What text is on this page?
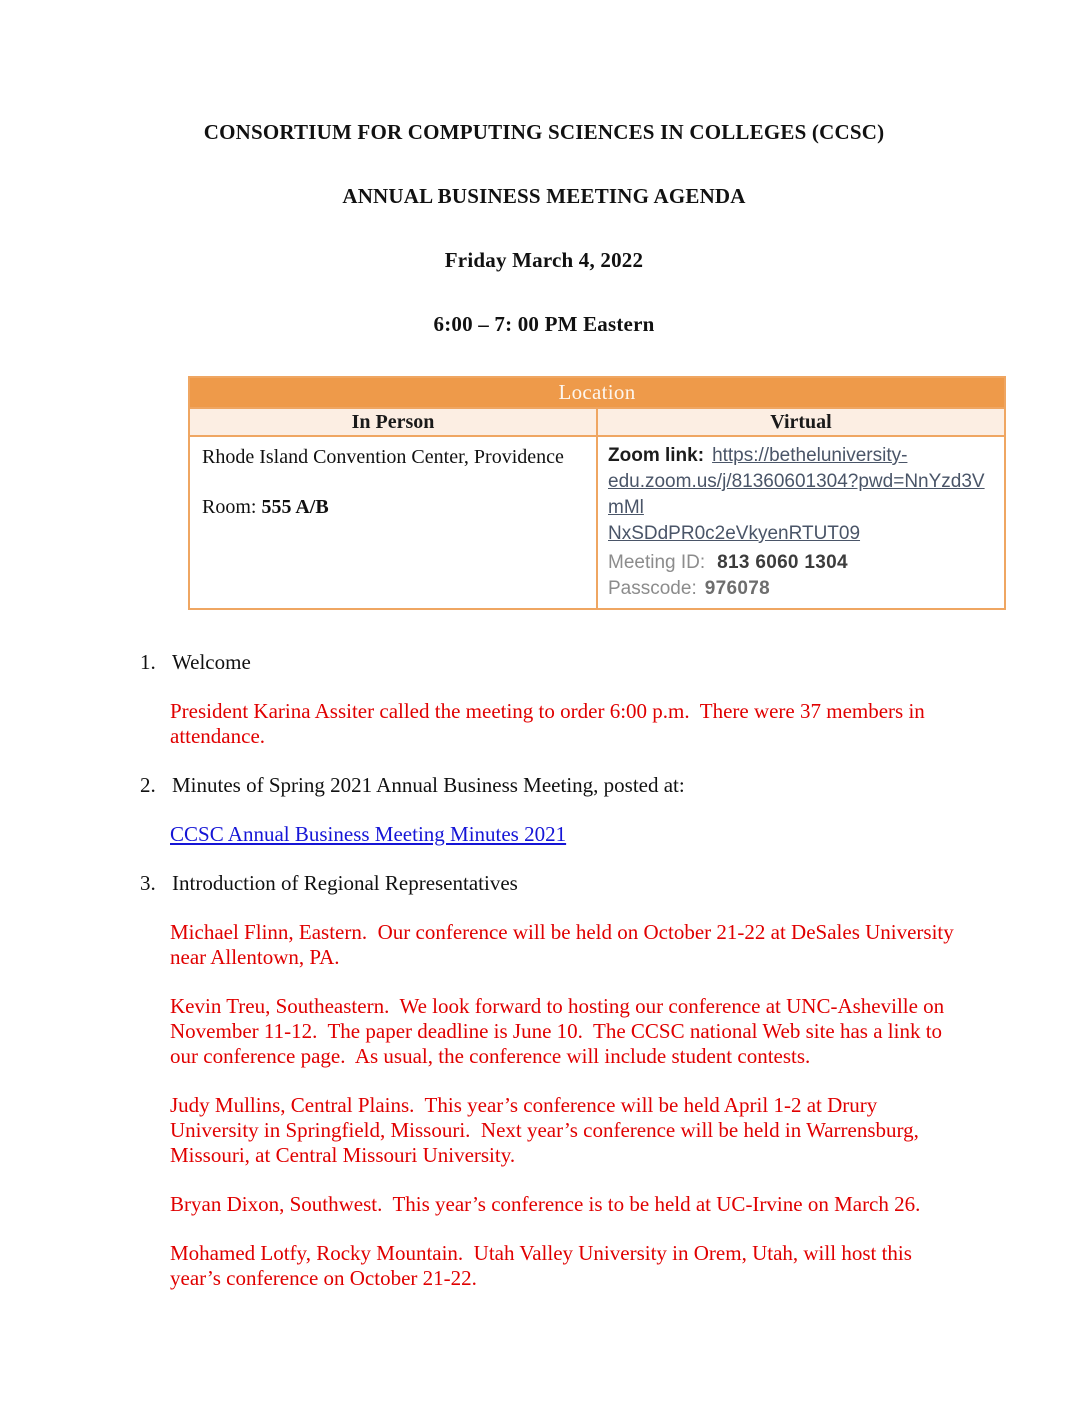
CONSORTIUM FOR COMPUTING SCIENCES IN COLLEGES (CCSC)
ANNUAL BUSINESS MEETING AGENDA
Friday March 4, 2022
6:00 – 7: 00 PM Eastern
Location	
In Person	Virtual

Rhode Island Convention Center, Providence
Room: 555 A/B

Zoom link: https://betheluniversity-
edu.zoom.us/j/81360601304?pwd=NnYzd3VmMl
NxSDdPR0c2eVkyenRTUT09
Meeting ID: 813 6060 1304
Passcode: 976078
1. Welcome

President Karina Assiter called the meeting to order 6:00 p.m.  There were 37 members in attendance.

2. Minutes of Spring 2021 Annual Business Meeting, posted at:
CCSC Annual Business Meeting Minutes 2021
3. Introduction of Regional Representatives

Michael Flinn, Eastern.  Our conference will be held on October 21-22 at DeSales University near Allentown, PA.

Kevin Treu, Southeastern.  We look forward to hosting our conference at UNC-Asheville on November 11-12.  The paper deadline is June 10.  The CCSC national Web site has a link to our conference page.  As usual, the conference will include student contests.

Judy Mullins, Central Plains.  This year’s conference will be held April 1-2 at Drury University in Springfield, Missouri.  Next year’s conference will be held in Warrensburg, Missouri, at Central Missouri University.

Bryan Dixon, Southwest.  This year’s conference is to be held at UC-Irvine on March 26.

Mohamed Lotfy, Rocky Mountain.  Utah Valley University in Orem, Utah, will host this year’s conference on October 21-22.
